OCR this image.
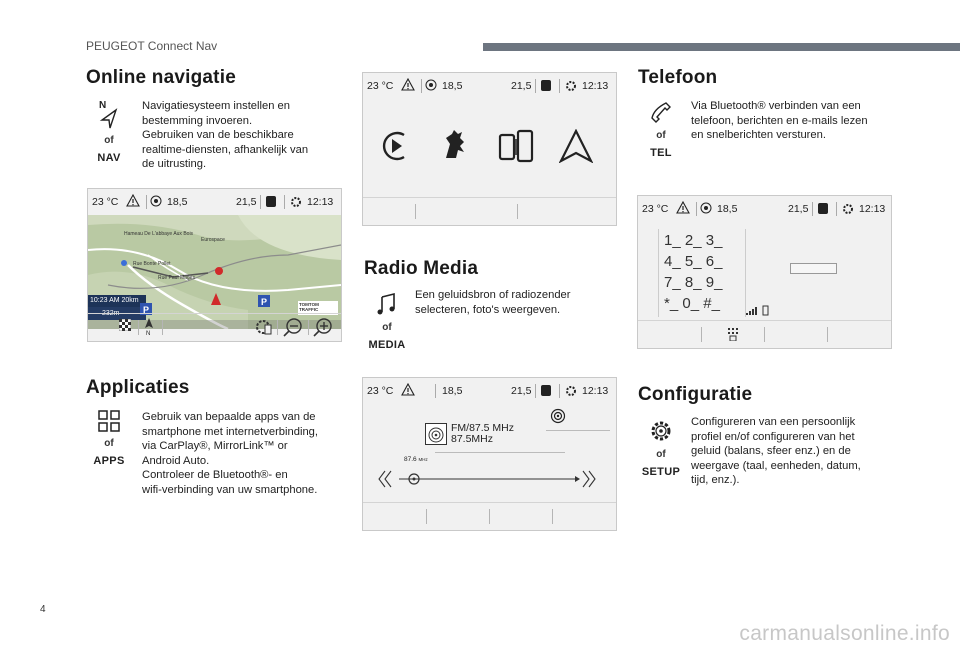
PEUGEOT Connect Nav
Online navigatie
N
of
NAV
Navigatiesysteem instellen en
bestemming invoeren.
Gebruiken van de beschikbare
realtime-diensten, afhankelijk van
de uitrusting.
23 °C	18,5	21,5	12:13
P
P
Hameau De L'abbaye Aux Bois
Eurospace
Rue Paul Magès
Rue Bonte Pollet
10:23 AM 20km
232m
TOMTOM TRAFFIC
N
Applicaties
of
APPS
Gebruik van bepaalde apps van de
smartphone met internetverbinding,
via CarPlay®, MirrorLink™ or
Android Auto.
Controleer de Bluetooth®- en
wifi-verbinding van uw smartphone.
23 °C	18,5	21,5	12:13
Radio Media
of
MEDIA
Een geluidsbron of radiozender
selecteren, foto's weergeven.
23 °C	18,5	21,5	12:13
FM/87.5 MHz
87.5MHz
87.6 MHz
Telefoon
of
TEL
Via Bluetooth® verbinden van een
telefoon, berichten en e-mails lezen
en snelberichten versturen.
23 °C	18,5	21,5	12:13
1_ 2_ 3_
4_ 5_ 6_
7_ 8_ 9_
*_ 0_ #_
Configuratie
of
SETUP
Configureren van een persoonlijk
profiel en/of configureren van het
geluid (balans, sfeer enz.) en de
weergave (taal, eenheden, datum,
tijd, enz.).
4
carmanualsonline.info
